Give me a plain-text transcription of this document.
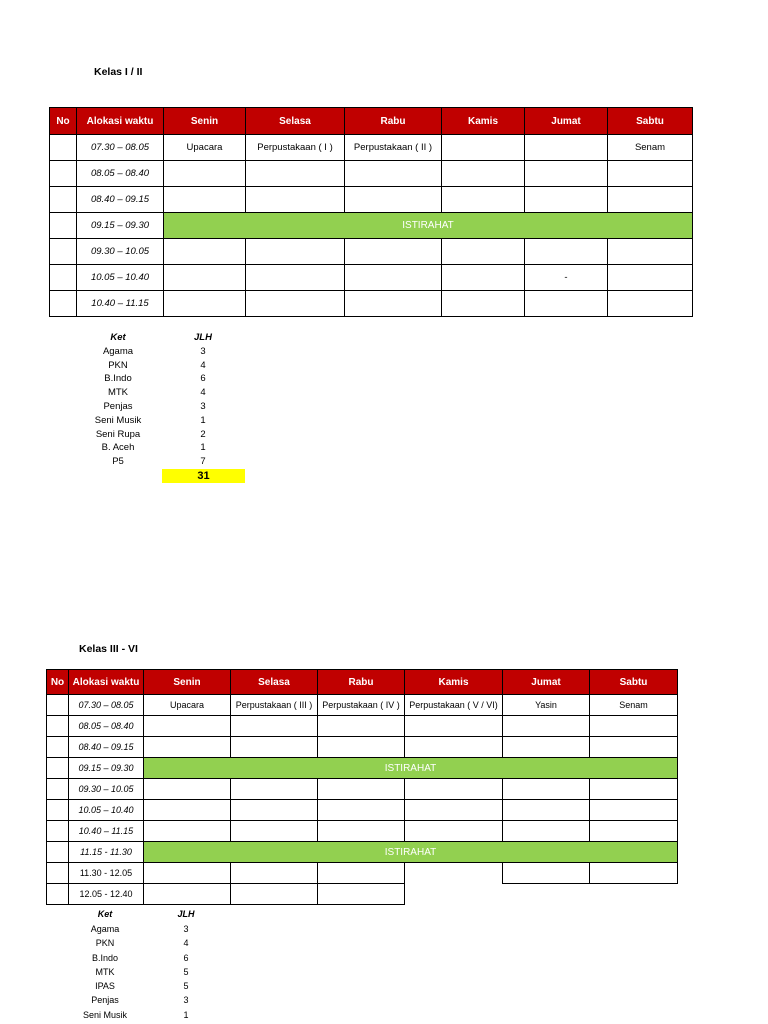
Kelas I / II
No	Alokasi waktu	Senin	Selasa	Rabu	Kamis	Jumat	Sabtu
	07.30 – 08.05	Upacara	Perpustakaan ( I )	Perpustakaan ( II )			Senam
	08.05 – 08.40						
	08.40 – 09.15						
	09.15 – 09.30	ISTIRAHAT					
	09.30 – 10.05						
	10.05 – 10.40					-	
	10.40 – 11.15						
Ket	JLH
Agama	3
PKN	4
B.Indo	6
MTK	4
Penjas	3
Seni Musik	1
Seni Rupa	2
B. Aceh	1
P5	7
31
Kelas III - VI
No	Alokasi waktu	Senin	Selasa	Rabu	Kamis	Jumat	Sabtu
	07.30 – 08.05	Upacara	Perpustakaan ( III )	Perpustakaan ( IV )	Perpustakaan ( V / VI)	Yasin	Senam
	08.05 – 08.40						
	08.40 – 09.15						
	09.15 – 09.30	ISTIRAHAT					
	09.30 – 10.05						
	10.05 – 10.40						
	10.40 – 11.15						
	11.15 - 11.30	ISTIRAHAT					
	11.30 - 12.05						
	12.05 - 12.40						
Ket	JLH
Agama	3
PKN	4
B.Indo	6
MTK	5
IPAS	5
Penjas	3
Seni Musik	1
